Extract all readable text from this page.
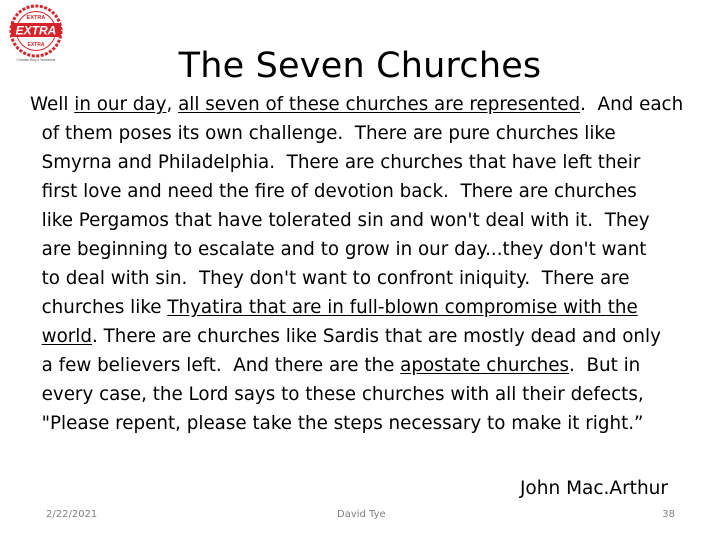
EXTRA
EXTRA
EXTRA
Christian Blog & Worksheet	The Seven Churches
Well in our day, all seven of these churches are represented.  And each
of them poses its own challenge.  There are pure churches like
Smyrna and Philadelphia.  There are churches that have left their
first love and need the fire of devotion back.  There are churches
like Pergamos that have tolerated sin and won't deal with it.  They
are beginning to escalate and to grow in our day...they don't want
to deal with sin.  They don't want to confront iniquity.  There are
churches like Thyatira that are in full-blown compromise with the
world. There are churches like Sardis that are mostly dead and only
a few believers left.  And there are the apostate churches.  But in
every case, the Lord says to these churches with all their defects,
"Please repent, please take the steps necessary to make it right.”
John Mac.Arthur
2/22/2021	David Tye	38
